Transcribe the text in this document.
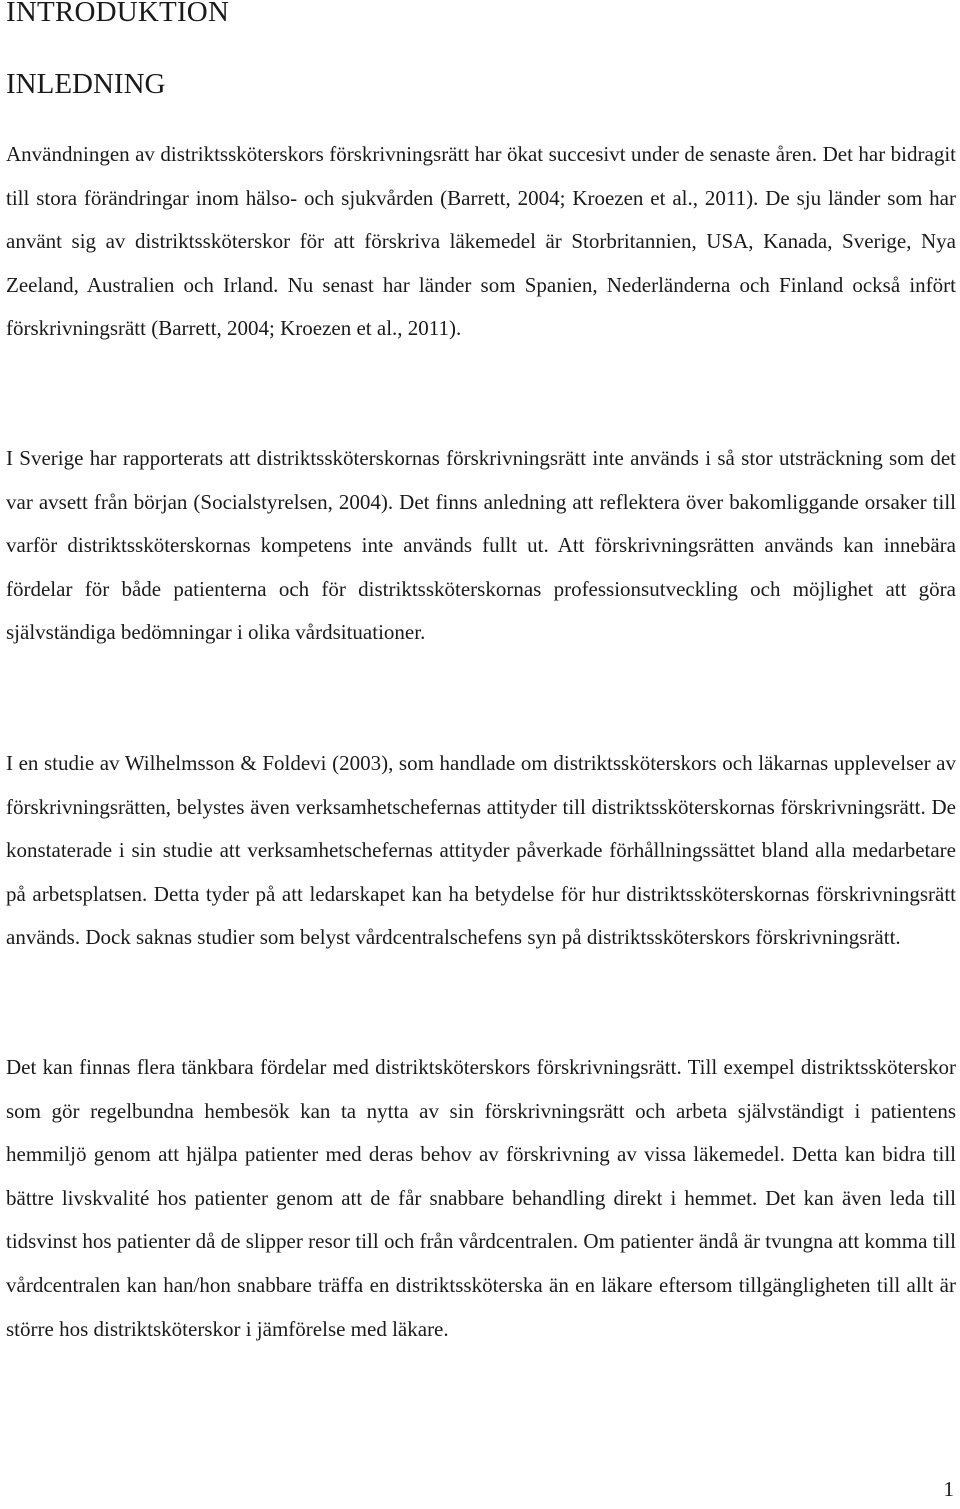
INTRODUKTION
INLEDNING

Användningen av distriktssköterskors förskrivningsrätt har ökat succesivt under de senaste åren. Det har bidragit till stora förändringar inom hälso- och sjukvården (Barrett, 2004; Kroezen et al., 2011). De sju länder som har använt sig av distriktssköterskor för att förskriva läkemedel är Storbritannien, USA, Kanada, Sverige, Nya Zeeland, Australien och Irland. Nu senast har länder som Spanien, Nederländerna och Finland också infört förskrivningsrätt (Barrett, 2004; Kroezen et al., 2011).

I Sverige har rapporterats att distriktssköterskornas förskrivningsrätt inte används i så stor utsträckning som det var avsett från början (Socialstyrelsen, 2004). Det finns anledning att reflektera över bakomliggande orsaker till varför distriktssköterskornas kompetens inte används fullt ut. Att förskrivningsrätten används kan innebära fördelar för både patienterna och för distriktssköterskornas professionsutveckling och möjlighet att göra självständiga bedömningar i olika vårdsituationer.

I en studie av Wilhelmsson & Foldevi (2003), som handlade om distriktssköterskors och läkarnas upplevelser av förskrivningsrätten, belystes även verksamhetschefernas attityder till distriktssköterskornas förskrivningsrätt. De konstaterade i sin studie att verksamhetschefernas attityder påverkade förhållningssättet bland alla medarbetare på arbetsplatsen. Detta tyder på att ledarskapet kan ha betydelse för hur distriktssköterskornas förskrivningsrätt används. Dock saknas studier som belyst vårdcentralschefens syn på distriktssköterskors förskrivningsrätt.

Det kan finnas flera tänkbara fördelar med distriktsköterskors förskrivningsrätt. Till exempel distriktssköterskor som gör regelbundna hembesök kan ta nytta av sin förskrivningsrätt och arbeta självständigt i patientens hemmiljö genom att hjälpa patienter med deras behov av förskrivning av vissa läkemedel. Detta kan bidra till bättre livskvalité hos patienter genom att de får snabbare behandling direkt i hemmet. Det kan även leda till tidsvinst hos patienter då de slipper resor till och från vårdcentralen. Om patienter ändå är tvungna att komma till vårdcentralen kan han/hon snabbare träffa en distriktssköterska än en läkare eftersom tillgängligheten till allt är större hos distriktsköterskor i jämförelse med läkare.

1
